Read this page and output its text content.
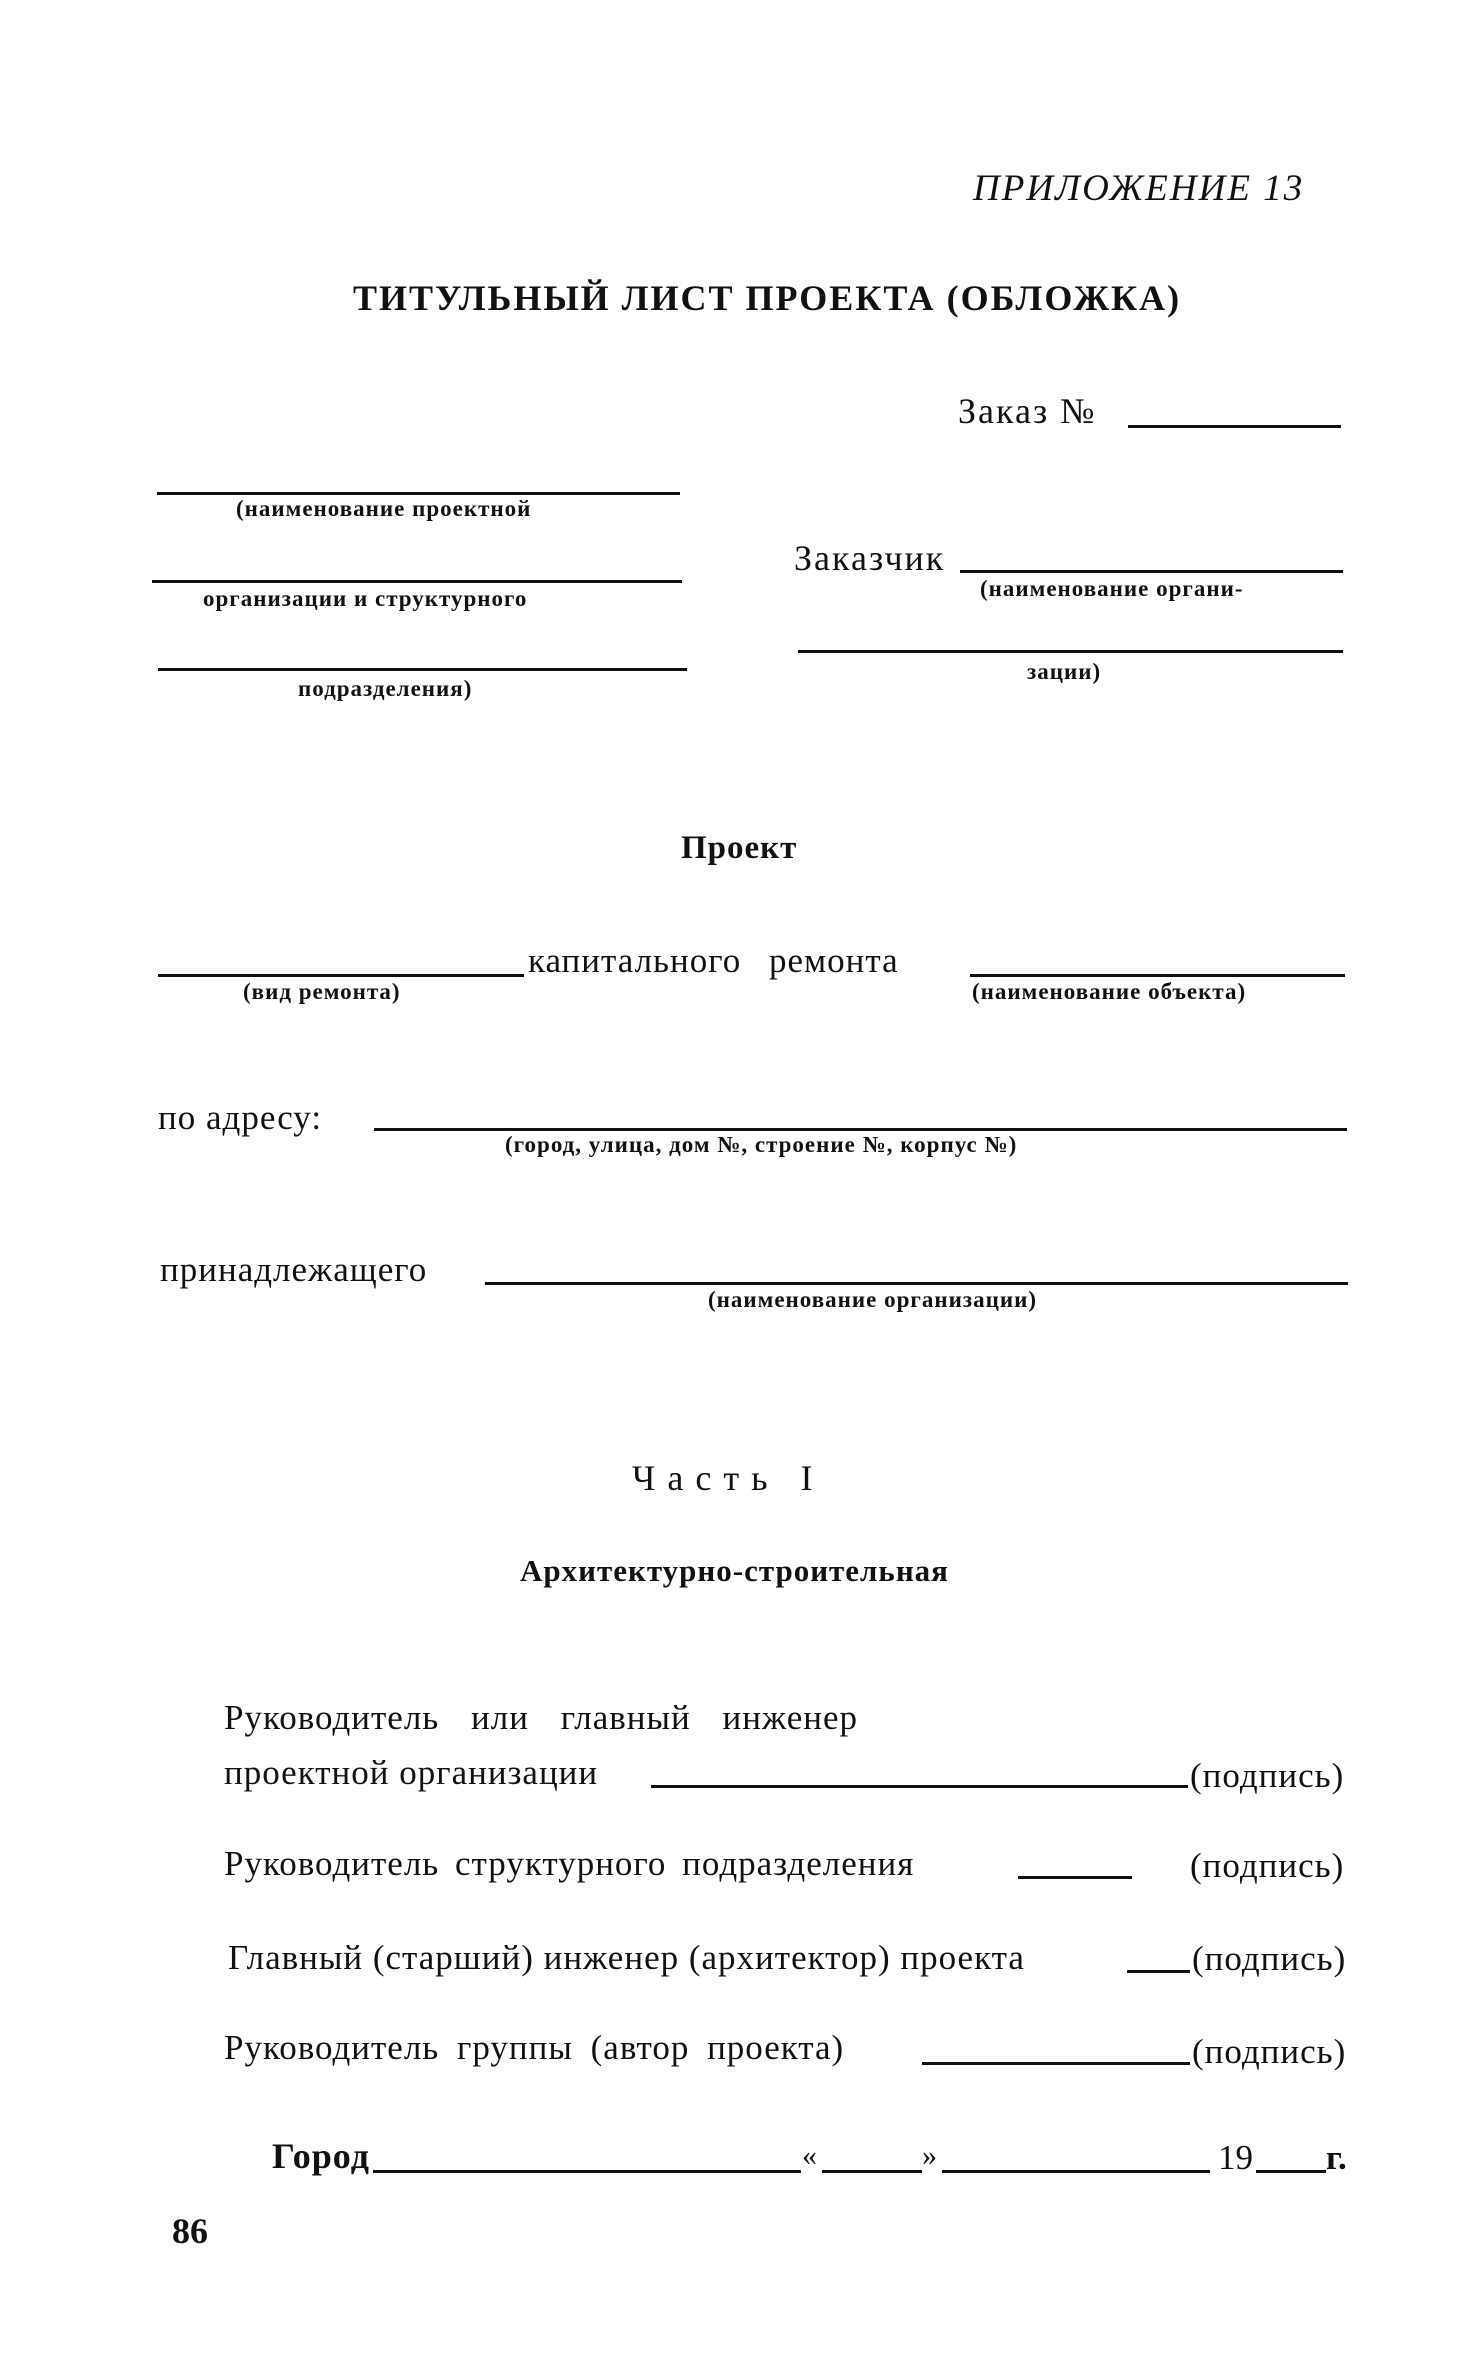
ПРИЛОЖЕНИЕ 13
ТИТУЛЬНЫЙ ЛИСТ ПРОЕКТА (ОБЛОЖКА)
Заказ №
(наименование проектной
организации и структурного
подразделения)
Заказчик
(наименование органи-
зации)
Проект
капитального ремонта
(вид ремонта)	(наименование объекта)
по адресу:
(город, улица, дом №, строение №, корпус №)
принадлежащего
(наименование организации)
Часть I
Архитектурно-строительная
Руководитель или главный инженер
проектной организации	(подпись)
Руководитель структурного подразделения	(подпись)
Главный (старший) инженер (архитектор) проекта	(подпись)
Руководитель группы (автор проекта)	(подпись)
Город	«	»	19 г.
86
